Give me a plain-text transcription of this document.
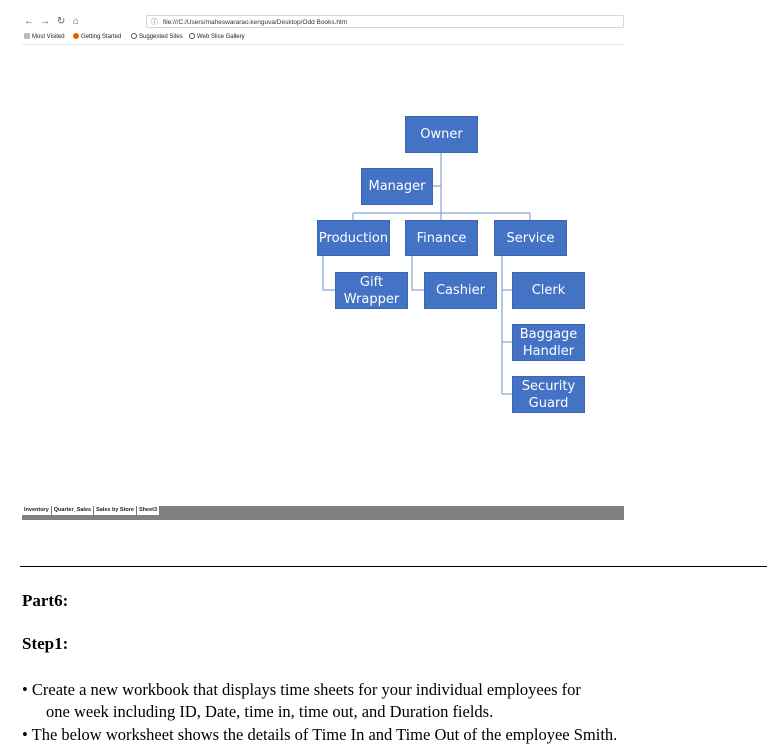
← → ↻ ⌂	ⓘ file:///C:/Users/maheswararao.kenguva/Desktop/Odd Books.htm
Most Visited	Getting Started	Suggested Sites	Web Slice Gallery
Owner
Manager
Production	Finance	Service
Gift Wrapper
Cashier	Clerk
Baggage Handler
Security Guard
Inventory Quarter_Sales Sales by Store Sheet3
Part6:
Step1:
• Create a new workbook that displays time sheets for your individual employees for
one week including ID, Date, time in, time out, and Duration fields.
• The below worksheet shows the details of Time In and Time Out of the employee Smith.
